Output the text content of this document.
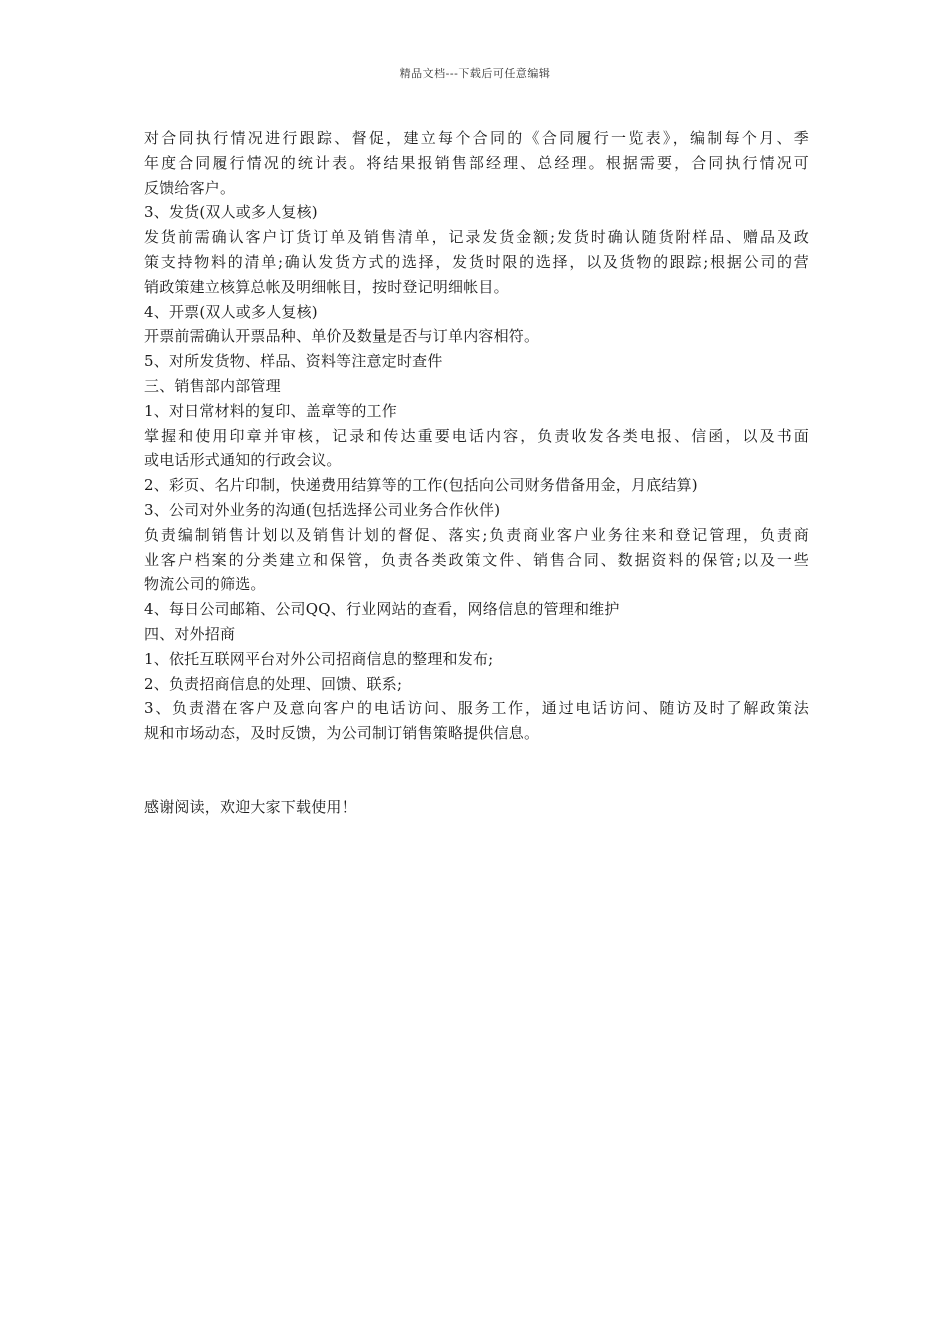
精品文档---下载后可任意编辑
对合同执行情况进行跟踪、督促，建立每个合同的《合同履行一览表》，编制每个月、季
年度合同履行情况的统计表。将结果报销售部经理、总经理。根据需要，合同执行情况可
反馈给客户。
3、发货(双人或多人复核)
发货前需确认客户订货订单及销售清单，记录发货金额;发货时确认随货附样品、赠品及政
策支持物料的清单;确认发货方式的选择，发货时限的选择，以及货物的跟踪;根据公司的营
销政策建立核算总帐及明细帐目，按时登记明细帐目。
4、开票(双人或多人复核)
开票前需确认开票品种、单价及数量是否与订单内容相符。
5、对所发货物、样品、资料等注意定时查件
三、销售部内部管理
1、对日常材料的复印、盖章等的工作
掌握和使用印章并审核，记录和传达重要电话内容，负责收发各类电报、信函，以及书面
或电话形式通知的行政会议。
2、彩页、名片印制，快递费用结算等的工作(包括向公司财务借备用金，月底结算)
3、公司对外业务的沟通(包括选择公司业务合作伙伴)
负责编制销售计划以及销售计划的督促、落实;负责商业客户业务往来和登记管理，负责商
业客户档案的分类建立和保管，负责各类政策文件、销售合同、数据资料的保管;以及一些
物流公司的筛选。
4、每日公司邮箱、公司QQ、行业网站的查看，网络信息的管理和维护
四、对外招商
1、依托互联网平台对外公司招商信息的整理和发布;
2、负责招商信息的处理、回馈、联系;
3、负责潜在客户及意向客户的电话访问、服务工作，通过电话访问、随访及时了解政策法
规和市场动态，及时反馈，为公司制订销售策略提供信息。
感谢阅读，欢迎大家下载使用！
